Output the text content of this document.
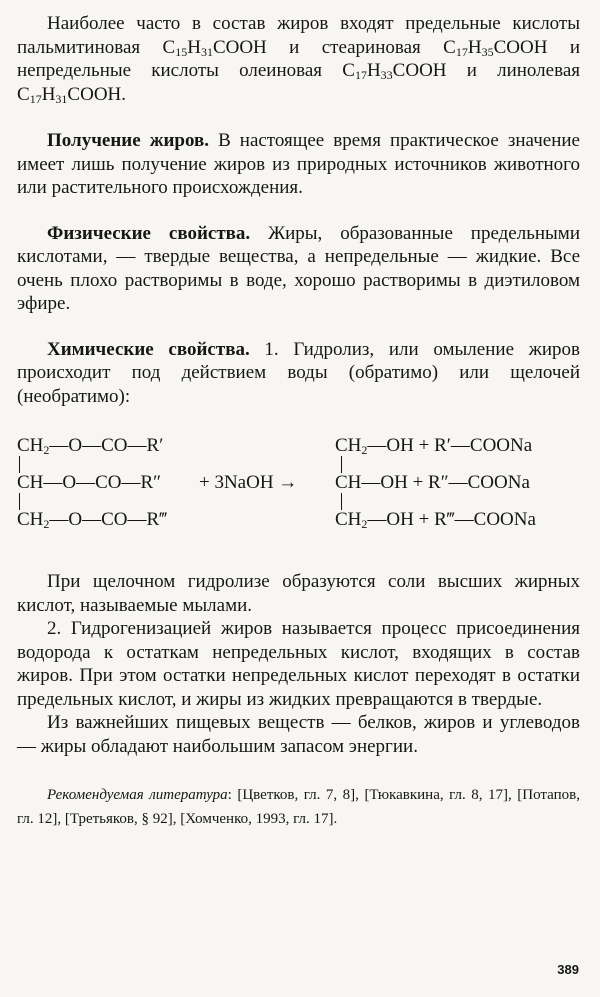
Наиболее часто в состав жиров входят предельные кислоты пальмитиновая $C_{15}H_{31}COOH$ и стеариновая $C_{17}H_{35}COOH$ и непредельные кислоты олеиновая $C_{17}H_{33}COOH$ и линолевая $C_{17}H_{31}COOH$.

Получение жиров. В настоящее время практическое значение имеет лишь получение жиров из природных источников животного или растительного происхождения.

Физические свойства. Жиры, образованные предельными кислотами, — твердые вещества, а непредельные — жидкие. Все очень плохо растворимы в воде, хорошо растворимы в диэтиловом эфире.

Химические свойства. 1. Гидролиз, или омыление жиров происходит под действием воды (обратимо) или щелочей (необратимо):

$CH_2—O—CO—R'$
CH—O—CO—R″
$CH_2—O—CO—R‴$
+ 3NaOH →
$CH_2—OH$ + R′—COONa
CH—OH + R″—COONa
$CH_2—OH$ + R‴—COONa

При щелочном гидролизе образуются соли высших жирных кислот, называемые мылами.

2. Гидрогенизацией жиров называется процесс присоединения водорода к остаткам непредельных кислот, входящих в состав жиров. При этом остатки непредельных кислот переходят в остатки предельных кислот, и жиры из жидких превращаются в твердые.

Из важнейших пищевых веществ — белков, жиров и углеводов — жиры обладают наибольшим запасом энергии.

Рекомендуемая литература: [Цветков, гл. 7, 8], [Тюкавкина, гл. 8, 17], [Потапов, гл. 12], [Третьяков, § 92], [Хомченко, 1993, гл. 17].

389
